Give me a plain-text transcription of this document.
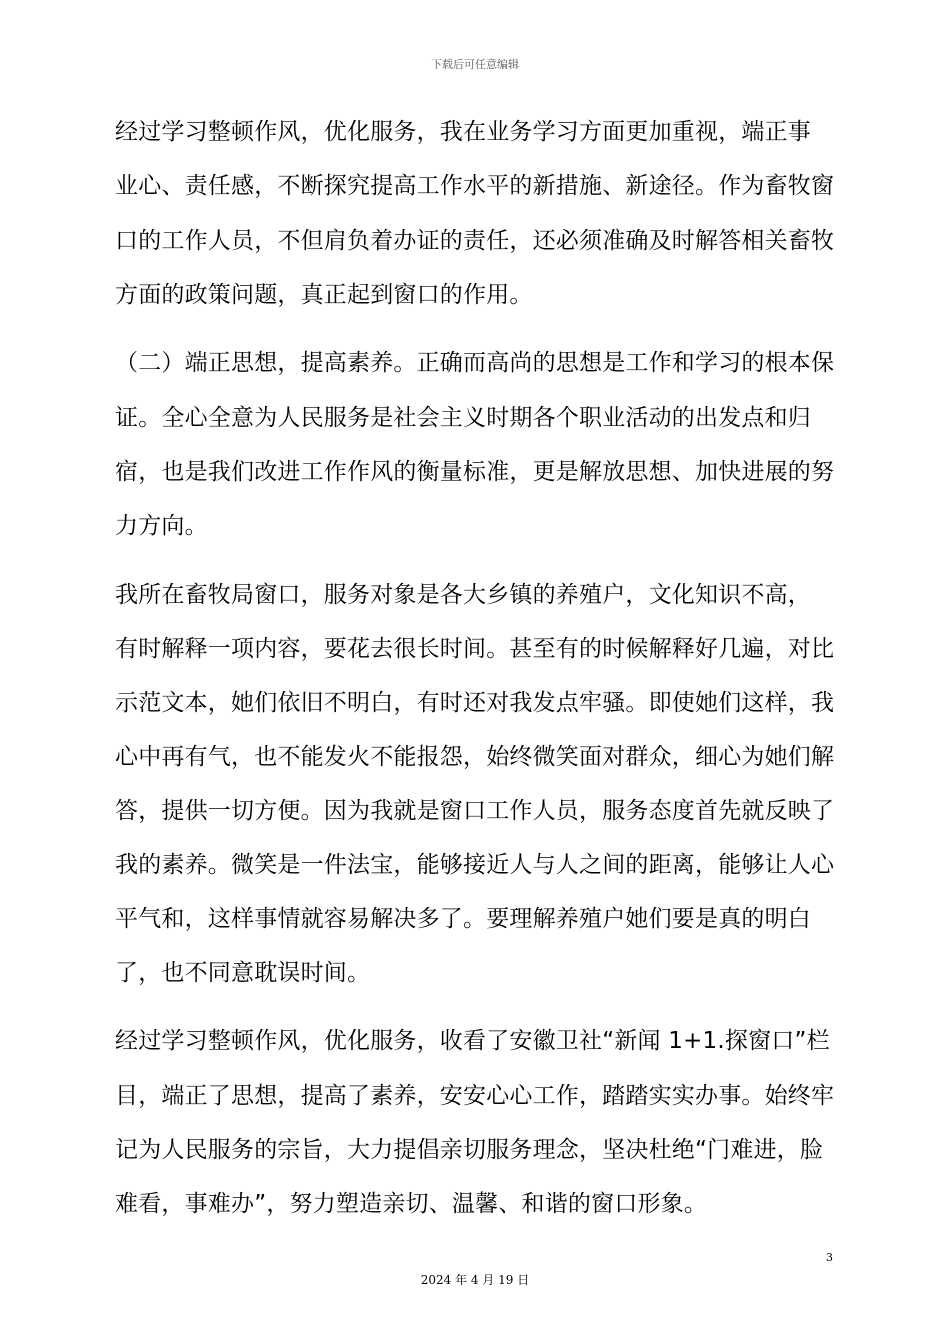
下载后可任意编辑
经过学习整顿作风，优化服务，我在业务学习方面更加重视，端正事
业心、责任感，不断探究提高工作水平的新措施、新途径。作为畜牧窗
口的工作人员，不但肩负着办证的责任，还必须准确及时解答相关畜牧
方面的政策问题，真正起到窗口的作用。
（二）端正思想，提高素养。正确而高尚的思想是工作和学习的根本保
证。全心全意为人民服务是社会主义时期各个职业活动的出发点和归
宿，也是我们改进工作作风的衡量标准，更是解放思想、加快进展的努
力方向。
我所在畜牧局窗口，服务对象是各大乡镇的养殖户，文化知识不高，
有时解释一项内容，要花去很长时间。甚至有的时候解释好几遍，对比
示范文本，她们依旧不明白，有时还对我发点牢骚。即使她们这样，我
心中再有气，也不能发火不能报怨，始终微笑面对群众，细心为她们解
答，提供一切方便。因为我就是窗口工作人员，服务态度首先就反映了
我的素养。微笑是一件法宝，能够接近人与人之间的距离，能够让人心
平气和，这样事情就容易解决多了。要理解养殖户她们要是真的明白
了，也不同意耽误时间。
经过学习整顿作风，优化服务，收看了安徽卫社“新闻 1+1.探窗口”栏
目，端正了思想，提高了素养，安安心心工作，踏踏实实办事。始终牢
记为人民服务的宗旨，大力提倡亲切服务理念，坚决杜绝“门难进，脸
难看，事难办”，努力塑造亲切、温馨、和谐的窗口形象。
3
2024 年 4 月 19 日
